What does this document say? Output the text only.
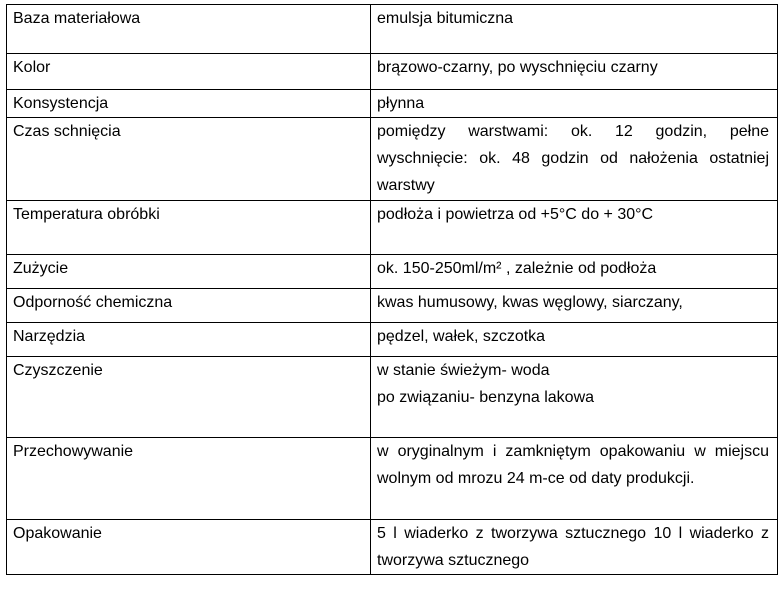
Baza materiałowa	emulsja bitumiczna

Kolor	brązowo-czarny, po wyschnięciu czarny

Konsystencja	płynna

Czas schnięcia	pomiędzy warstwami: ok. 12 godzin, pełne wyschnięcie: ok. 48 godzin od nałożenia ostatniej warstwy

Temperatura obróbki	podłoża i powietrza od +5°C do + 30°C

Zużycie	ok. 150-250ml/m² , zależnie od podłoża

Odporność chemiczna	kwas humusowy, kwas węglowy, siarczany,

Narzędzia	pędzel, wałek, szczotka

Czyszczenie	w stanie świeżym- woda
po związaniu- benzyna lakowa

Przechowywanie	w oryginalnym i zamkniętym opakowaniu w miejscu wolnym od mrozu 24 m-ce od daty produkcji.

Opakowanie	5 l wiaderko z tworzywa sztucznego 10 l wiaderko z tworzywa sztucznego
